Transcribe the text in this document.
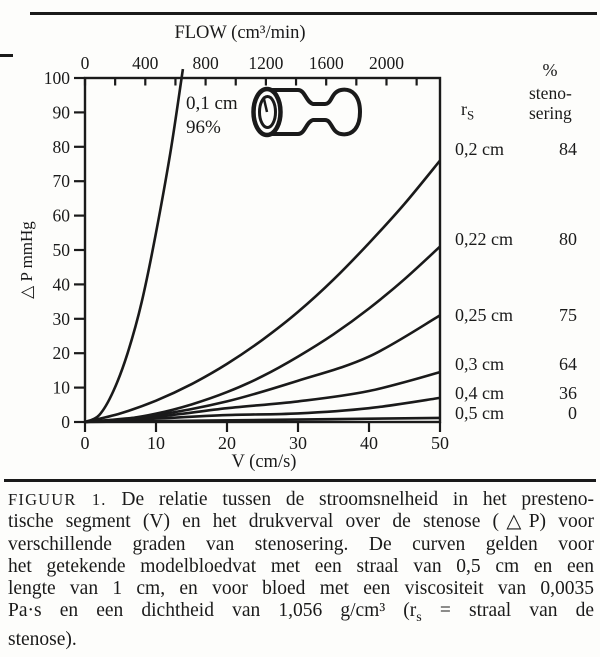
FLOW (cm³/min)
△ P mmHg
V (cm/s)
0
10
20
30
40
50
60
70
80
90
100
0	10	20	30	40	50
0 400 800 1200 1600 2000
0,1 cm
96%
%
steno-
sering
$r_S$
0,2 cm	84
0,22 cm	80
0,25 cm	75
0,3 cm	64
0,4 cm	36
0,5 cm	0
FIGUUR 1. De relatie tussen de stroomsnelheid in het presteno-
tische segment (V) en het drukverval over de stenose (△P) voor
verschillende graden van stenosering. De curven gelden voor
het getekende modelbloedvat met een straal van 0,5 cm en een
lengte van 1 cm, en voor bloed met een viscositeit van 0,0035
Pa·s en een dichtheid van 1,056 g/cm³ ($r_s$ = straal van de
stenose).
